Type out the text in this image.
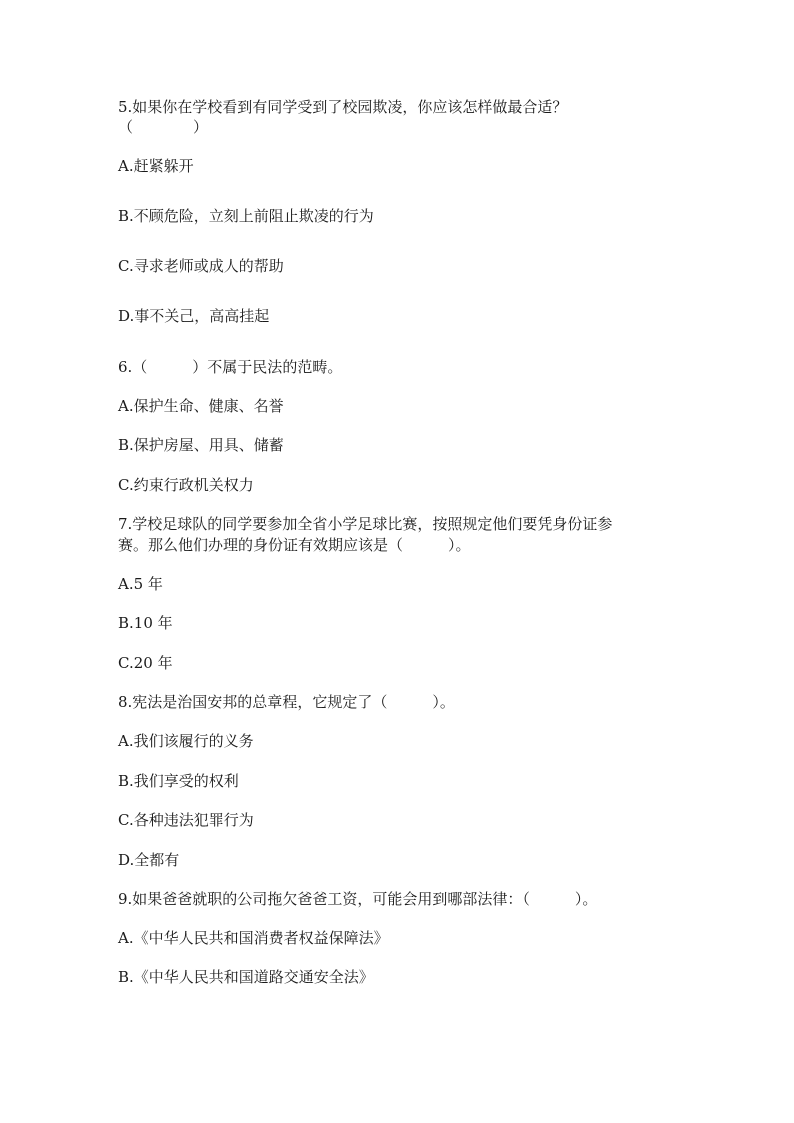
5.如果你在学校看到有同学受到了校园欺凌，你应该怎样做最合适？
（　　　　）
A.赶紧躲开
B.不顾危险，立刻上前阻止欺凌的行为
C.寻求老师或成人的帮助
D.事不关己，高高挂起
6.（　　　）不属于民法的范畴。
A.保护生命、健康、名誉
B.保护房屋、用具、储蓄
C.约束行政机关权力
7.学校足球队的同学要参加全省小学足球比赛，按照规定他们要凭身份证参
赛。那么他们办理的身份证有效期应该是（　　　）。
A.5 年
B.10 年
C.20 年
8.宪法是治国安邦的总章程，它规定了（　　　）。
A.我们该履行的义务
B.我们享受的权利
C.各种违法犯罪行为
D.全都有
9.如果爸爸就职的公司拖欠爸爸工资，可能会用到哪部法律：（　　　）。
A.《中华人民共和国消费者权益保障法》
B.《中华人民共和国道路交通安全法》
